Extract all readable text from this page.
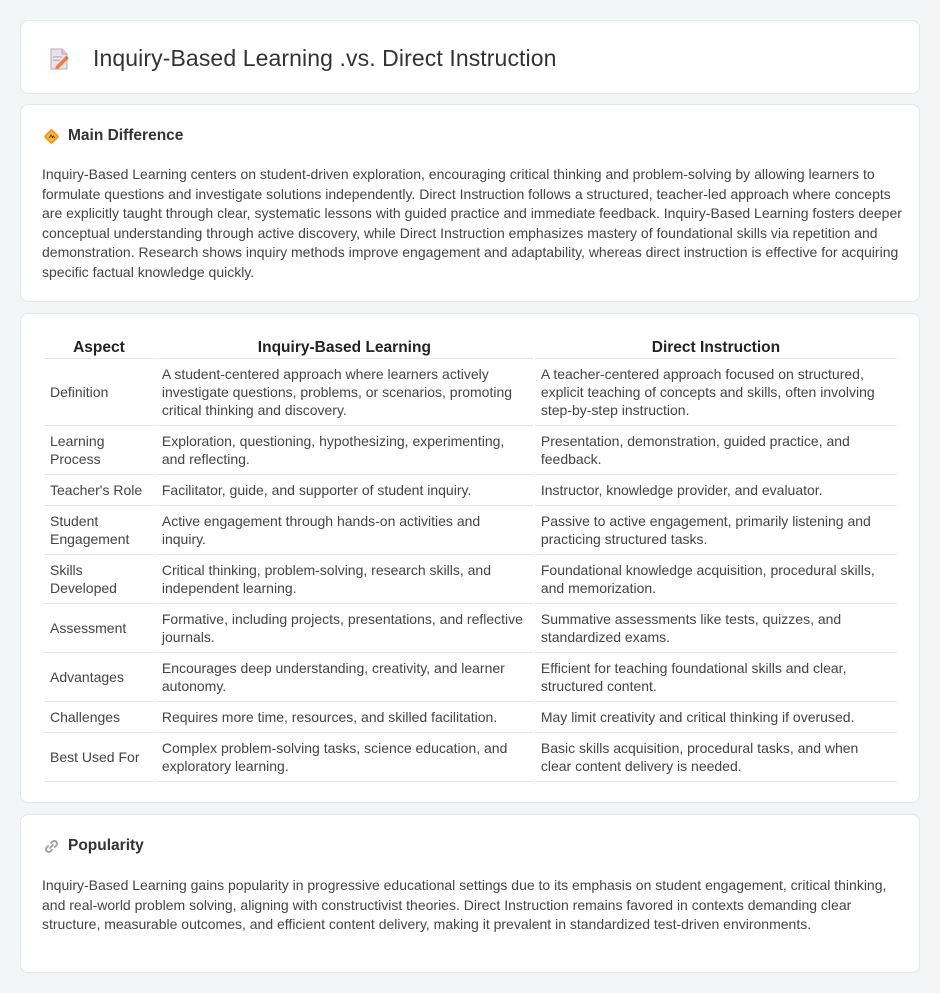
Inquiry-Based Learning .vs. Direct Instruction
Main Difference

Inquiry-Based Learning centers on student-driven exploration, encouraging critical thinking and problem-solving by allowing learners to formulate questions and investigate solutions independently. Direct Instruction follows a structured, teacher-led approach where concepts are explicitly taught through clear, systematic lessons with guided practice and immediate feedback. Inquiry-Based Learning fosters deeper conceptual understanding through active discovery, while Direct Instruction emphasizes mastery of foundational skills via repetition and demonstration. Research shows inquiry methods improve engagement and adaptability, whereas direct instruction is effective for acquiring specific factual knowledge quickly.

Aspect	Inquiry-Based Learning	Direct Instruction
Definition	A student-centered approach where learners actively investigate questions, problems, or scenarios, promoting critical thinking and discovery.	A teacher-centered approach focused on structured, explicit teaching of concepts and skills, often involving step-by-step instruction.
Learning Process	Exploration, questioning, hypothesizing, experimenting, and reflecting.	Presentation, demonstration, guided practice, and feedback.
Teacher's Role	Facilitator, guide, and supporter of student inquiry.	Instructor, knowledge provider, and evaluator.
Student Engagement	Active engagement through hands-on activities and inquiry.	Passive to active engagement, primarily listening and practicing structured tasks.
Skills Developed	Critical thinking, problem-solving, research skills, and independent learning.	Foundational knowledge acquisition, procedural skills, and memorization.
Assessment	Formative, including projects, presentations, and reflective journals.	Summative assessments like tests, quizzes, and standardized exams.
Advantages	Encourages deep understanding, creativity, and learner autonomy.	Efficient for teaching foundational skills and clear, structured content.
Challenges	Requires more time, resources, and skilled facilitation.	May limit creativity and critical thinking if overused.
Best Used For	Complex problem-solving tasks, science education, and exploratory learning.	Basic skills acquisition, procedural tasks, and when clear content delivery is needed.
Popularity

Inquiry-Based Learning gains popularity in progressive educational settings due to its emphasis on student engagement, critical thinking, and real-world problem solving, aligning with constructivist theories. Direct Instruction remains favored in contexts demanding clear structure, measurable outcomes, and efficient content delivery, making it prevalent in standardized test-driven environments.
